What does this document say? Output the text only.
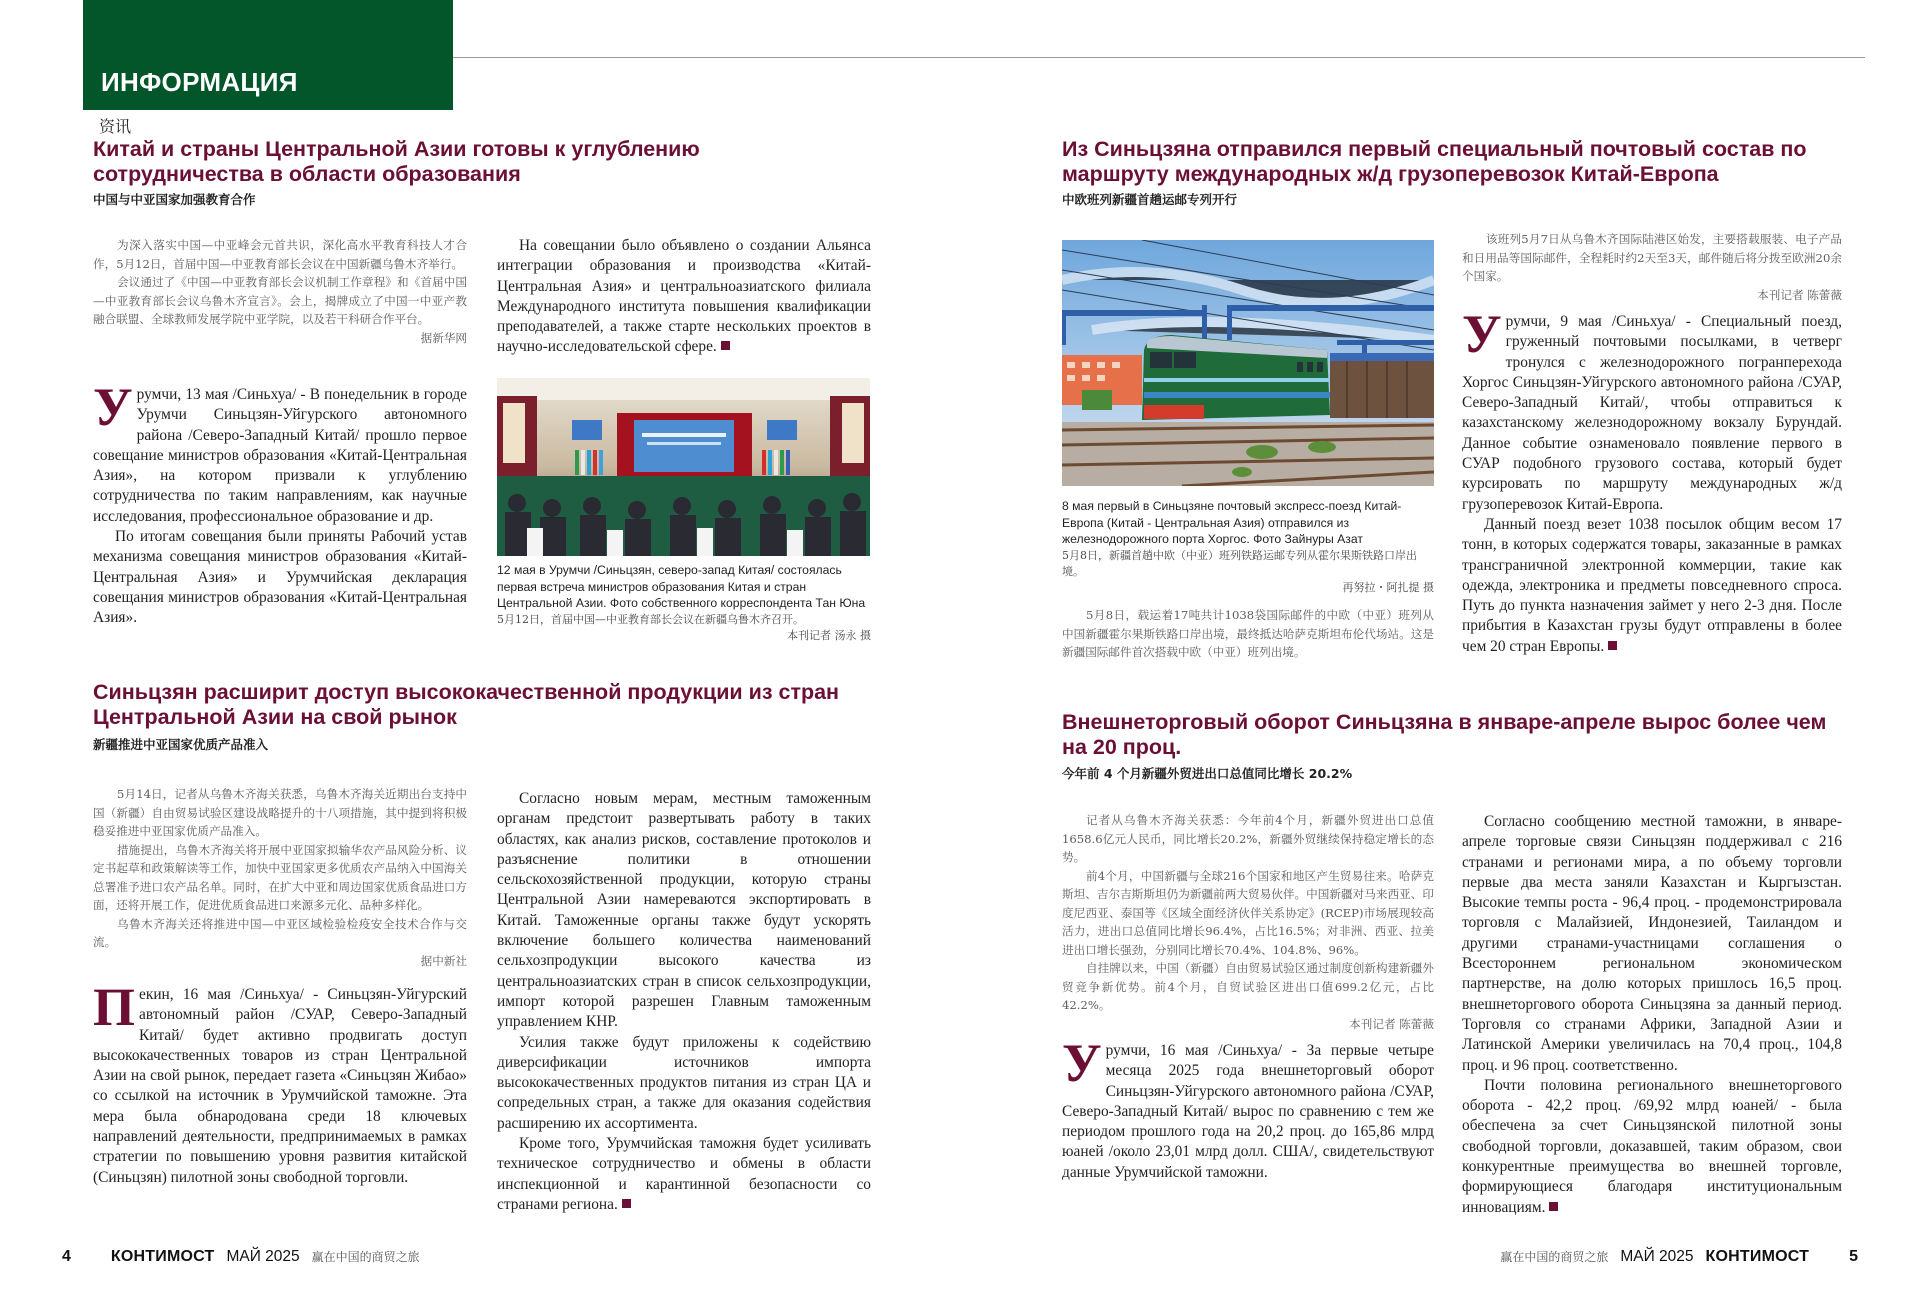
ИНФОРМАЦИЯ
资讯
Китай и страны Центральной Азии готовы к углублению сотрудничества в области образования
中国与中亚国家加强教育合作

为深入落实中国—中亚峰会元首共识，深化高水平教育科技人才合作，5月12日，首届中国—中亚教育部长会议在中国新疆乌鲁木齐举行。

会议通过了《中国—中亚教育部长会议机制工作章程》和《首届中国—中亚教育部长会议乌鲁木齐宣言》。会上，揭牌成立了中国一中亚产教融合联盟、全球教师发展学院中亚学院，以及若干科研合作平台。

据新华网

Урумчи, 13 мая /Синьхуа/ - В понедельник в городе Урумчи Синьцзян-Уйгурского автономного района /Северо-Западный Китай/ прошло первое совещание министров образования «Китай-Центральная Азия», на котором призвали к углублению сотрудничества по таким направлениям, как научные исследования, профессиональное образование и др.

По итогам совещания были приняты Рабочий устав механизма совещания министров образования «Китай-Центральная Азия» и Урумчийская декларация совещания министров образования «Китай-Центральная Азия».

На совещании было объявлено о создании Альянса интеграции образования и производства «Китай-Центральная Азия» и центральноазиатского филиала Международного института повышения квалификации преподавателей, а также старте нескольких проектов в научно-исследовательской сфере.

12 мая в Урумчи /Синьцзян, северо-запад Китая/ состоялась первая встреча министров образования Китая и стран Центральной Азии. Фото собственного корреспондента Тан Юна
5月12日，首届中国—中亚教育部长会议在新疆乌鲁木齐召开。
本刊记者 汤永 摄
Синьцзян расширит доступ высококачественной продукции из стран Центральной Азии на свой рынок
新疆推进中亚国家优质产品准入

5月14日，记者从乌鲁木齐海关获悉，乌鲁木齐海关近期出台支持中国（新疆）自由贸易试验区建设战略提升的十八项措施，其中提到将积极稳妥推进中亚国家优质产品准入。

措施提出，乌鲁木齐海关将开展中亚国家拟输华农产品风险分析、议定书起草和政策解读等工作，加快中亚国家更多优质农产品纳入中国海关总署准予进口农产品名单。同时，在扩大中亚和周边国家优质食品进口方面，还将开展工作，促进优质食品进口来源多元化、品种多样化。

乌鲁木齐海关还将推进中国—中亚区域检验检疫安全技术合作与交流。

据中新社

Пекин, 16 мая /Синьхуа/ - Синьцзян-Уйгурский автономный район /СУАР, Северо-Западный Китай/ будет активно продвигать доступ высококачественных товаров из стран Центральной Азии на свой рынок, передает газета «Синьцзян Жибао» со ссылкой на источник в Урумчийской таможне. Эта мера была обнародована среди 18 ключевых направлений деятельности, предпринимаемых в рамках стратегии по повышению уровня развития китайской (Синьцзян) пилотной зоны свободной торговли.

Согласно новым мерам, местным таможенным органам предстоит развертывать работу в таких областях, как анализ рисков, составление протоколов и разъяснение политики в отношении сельскохозяйственной продукции, которую страны Центральной Азии намереваются экспортировать в Китай. Таможенные органы также будут ускорять включение большего количества наименований сельхозпродукции высокого качества из центральноазиатских стран в список сельхозпродукции, импорт которой разрешен Главным таможенным управлением КНР.

Усилия также будут приложены к содействию диверсификации источников импорта высококачественных продуктов питания из стран ЦА и сопредельных стран, а также для оказания содействия расширению их ассортимента.

Кроме того, Урумчийская таможня будет усиливать техническое сотрудничество и обмены в области инспекционной и карантинной безопасности со странами региона.

Из Синьцзяна отправился первый специальный почтовый состав по маршруту международных ж/д грузоперевозок Китай-Европа
中欧班列新疆首趟运邮专列开行
8 мая первый в Синьцзяне почтовый экспресс-поезд Китай-Европа (Китай - Центральная Азия) отправился из железнодорожного порта Хоргос. Фото Зайнуры Азат
5月8日，新疆首趟中欧（中亚）班列铁路运邮专列从霍尔果斯铁路口岸出境。
再努拉・阿扎提 摄

5月8日，载运着17吨共计1038袋国际邮件的中欧（中亚）班列从中国新疆霍尔果斯铁路口岸出境，最终抵达哈萨克斯坦布伦代场站。这是新疆国际邮件首次搭载中欧（中亚）班列出境。

该班列5月7日从乌鲁木齐国际陆港区始发，主要搭载服装、电子产品和日用品等国际邮件，全程耗时约2天至3天，邮件随后将分拨至欧洲20余个国家。

本刊记者 陈蕾薇

Урумчи, 9 мая /Синьхуа/ - Специальный поезд, груженный почтовыми посылками, в четверг тронулся с железнодорожного погранперехода Хоргос Синьцзян-Уйгурского автономного района /СУАР, Северо-Западный Китай/, чтобы отправиться к казахстанскому железнодорожному вокзалу Бурундай. Данное событие ознаменовало появление первого в СУАР подобного грузового состава, который будет курсировать по маршруту международных ж/д грузоперевозок Китай-Европа.

Данный поезд везет 1038 посылок общим весом 17 тонн, в которых содержатся товары, заказанные в рамках трансграничной электронной коммерции, такие как одежда, электроника и предметы повседневного спроса. Путь до пункта назначения займет у него 2-3 дня. После прибытия в Казахстан грузы будут отправлены в более чем 20 стран Европы.

Внешнеторговый оборот Синьцзяна в январе-апреле вырос более чем на 20 проц.
今年前 4 个月新疆外贸进出口总值同比增长 20.2%

记者从乌鲁木齐海关获悉：今年前4个月，新疆外贸进出口总值1658.6亿元人民币，同比增长20.2%，新疆外贸继续保持稳定增长的态势。

前4个月，中国新疆与全球216个国家和地区产生贸易往来。哈萨克斯坦、吉尔吉斯斯坦仍为新疆前两大贸易伙伴。中国新疆对马来西亚、印度尼西亚、泰国等《区域全面经济伙伴关系协定》(RCEP)市场展现较高活力，进出口总值同比增长96.4%，占比16.5%；对非洲、西亚、拉美进出口增长强劲，分别同比增长70.4%、104.8%、96%。

自挂牌以来，中国（新疆）自由贸易试验区通过制度创新构建新疆外贸竞争新优势。前4个月，自贸试验区进出口值699.2亿元，占比42.2%。

本刊记者 陈蕾薇

Урумчи, 16 мая /Синьхуа/ - За первые четыре месяца 2025 года внешнеторговый оборот Синьцзян-Уйгурского автономного района /СУАР, Северо-Западный Китай/ вырос по сравнению с тем же периодом прошлого года на 20,2 проц. до 165,86 млрд юаней /около 23,01 млрд долл. США/, свидетельствуют данные Урумчийской таможни.

Согласно сообщению местной таможни, в январе-апреле торговые связи Синьцзян поддерживал с 216 странами и регионами мира, а по объему торговли первые два места заняли Казахстан и Кыргызстан. Высокие темпы роста - 96,4 проц. - продемонстрировала торговля с Малайзией, Индонезией, Таиландом и другими странами-участницами соглашения о Всестороннем региональном экономическом партнерстве, на долю которых пришлось 16,5 проц. внешнеторгового оборота Синьцзяна за данный период. Торговля со странами Африки, Западной Азии и Латинской Америки увеличилась на 70,4 проц., 104,8 проц. и 96 проц. соответственно.

Почти половина регионального внешнеторгового оборота - 42,2 проц. /69,92 млрд юаней/ - была обеспечена за счет Синьцзянской пилотной зоны свободной торговли, доказавшей, таким образом, свои конкурентные преимущества во внешней торговле, формирующиеся благодаря институциональным инновациям.

4	КОНТИМОСТ МАЙ 2025 赢在中国的商贸之旅	赢在中国的商贸之旅 МАЙ 2025 КОНТИМОСТ	5
